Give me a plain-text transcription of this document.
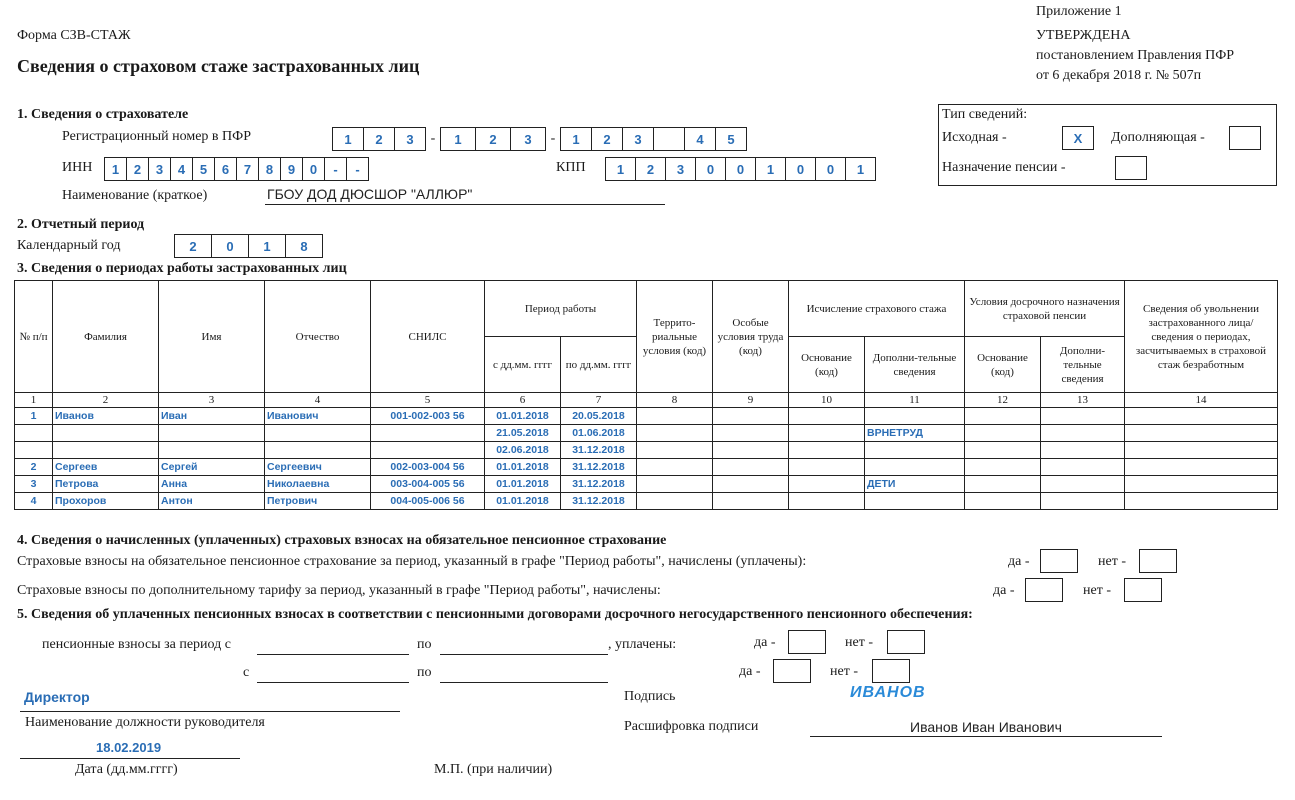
Форма СЗВ-СТАЖ
Сведения о страховом стаже застрахованных лиц
Приложение 1
УТВЕРЖДЕНА
постановлением Правления ПФР
от 6 декабря 2018 г. № 507п
1. Сведения о страхователе
Регистрационный номер в ПФР	1	2	3	-	1	2	3	-	1	2	3	4	5
ИНН	1	2	3	4	5	6	7	8	9	0	-	-	КПП	1	2	3	0	0	1	0	0	1
Наименование (краткое)	ГБОУ ДОД ДЮСШОР "АЛЛЮР"
Тип сведений:
Исходная -	X	Дополняющая -
Назначение пенсии -
2. Отчетный период
Календарный год	2	0	1	8
3. Сведения о периодах работы застрахованных лиц
№ п/п	Фамилия	Имя	Отчество	СНИЛС	Период работы		Террито-риальные условия (код)	Особые условия труда (код)	Исчисление страхового стажа		Условия досрочного назначения страховой пенсии		Сведения об увольнении застрахованного лица/ сведения о периодах, засчитываемых в страховой стаж безработным
					с дд.мм. гггг	по дд.мм. гггг			Основание (код)	Дополни-тельные сведения	Основание (код)	Дополни-тельные сведения	
1	2	3	4	5	6	7	8	9	10	11	12	13	14
1	Иванов	Иван	Иванович	001-002-003 56	01.01.2018	20.05.2018							
					21.05.2018	01.06.2018				ВРНЕТРУД			
					02.06.2018	31.12.2018							
2	Сергеев	Сергей	Сергеевич	002-003-004 56	01.01.2018	31.12.2018							
3	Петрова	Анна	Николаевна	003-004-005 56	01.01.2018	31.12.2018				ДЕТИ			
4	Прохоров	Антон	Петрович	004-005-006 56	01.01.2018	31.12.2018							
4. Сведения о начисленных (уплаченных) страховых взносах на обязательное пенсионное страхование
Страховые взносы на обязательное пенсионное страхование за период, указанный в графе "Период работы", начислены (уплачены):	да -	нет -
Страховые взносы по дополнительному тарифу за период, указанный в графе "Период работы", начислены:	да -	нет -
5. Сведения об уплаченных пенсионных взносах в соответствии с пенсионными договорами досрочного негосударственного пенсионного обеспечения:
пенсионные взносы за период с	по	, уплачены:	да -	нет -
с	по	да -	нет -
Директор
Наименование должности руководителя
18.02.2019
Дата (дд.мм.гггг)	М.П. (при наличии)
Подпись	ИВАНОВ
Расшифровка подписи	Иванов Иван Иванович
